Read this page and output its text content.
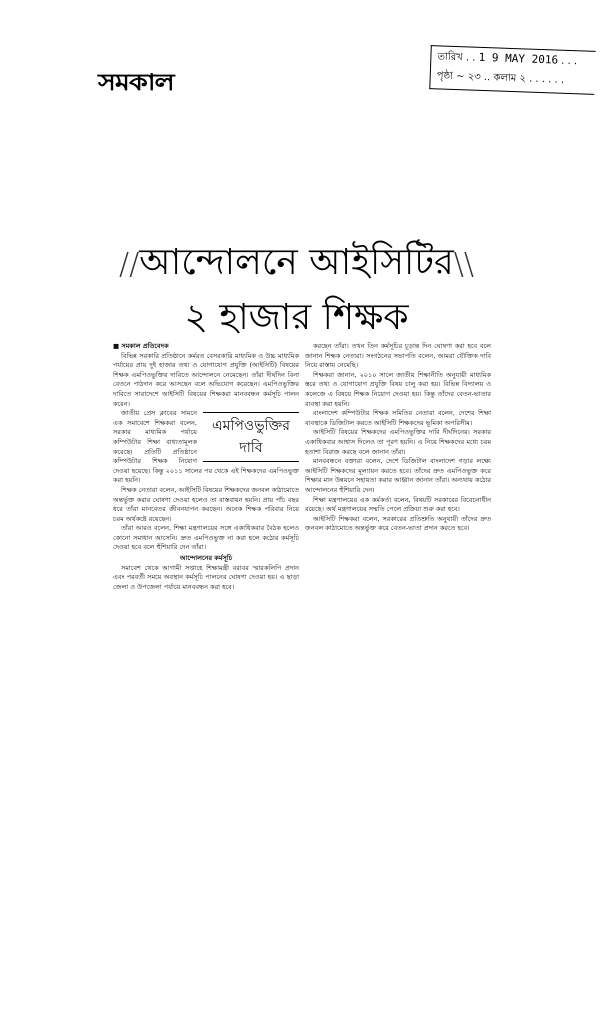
সমকাল
তারিখ . . 1 9 MAY 2016 . . .
পৃষ্ঠা ~ ২৩ .. কলাম ২ . . . . . .
//আন্দোলনে আইসিটির\\
২ হাজার শিক্ষক

■ সমকাল প্রতিবেদক

বিভিন্ন সরকারি প্রতিষ্ঠানে কর্মরত বেসরকারি মাধ্যমিক ও উচ্চ মাধ্যমিক পর্যায়ের প্রায় দুই হাজার তথ্য ও যোগাযোগ প্রযুক্তি (আইসিটি) বিষয়ের শিক্ষক এমপিওভুক্তির দাবিতে আন্দোলনে নেমেছেন। তাঁরা দীর্ঘদিন বিনা বেতনে পাঠদান করে আসছেন বলে অভিযোগ করেছেন। এমপিওভুক্তির দাবিতে সারাদেশে আইসিটি বিষয়ের শিক্ষকরা মানববন্ধন কর্মসূচি পালন করেন।

এমপিওভুক্তির
দাবি

জাতীয় প্রেস ক্লাবের সামনে এক সমাবেশে শিক্ষকরা বলেন, সরকার মাধ্যমিক পর্যায়ে কম্পিউটার শিক্ষা বাধ্যতামূলক করেছে। প্রতিটি প্রতিষ্ঠানে কম্পিউটার শিক্ষক নিয়োগ দেওয়া হয়েছে। কিন্তু ২০১১ সালের পর থেকে এই শিক্ষকদের এমপিওভুক্ত করা হয়নি।

শিক্ষক নেতারা বলেন, আইসিটি বিষয়ের শিক্ষকদের জনবল কাঠামোতে অন্তর্ভুক্ত করার ঘোষণা দেওয়া হলেও তা বাস্তবায়ন হয়নি। প্রায় পাঁচ বছর ধরে তাঁরা মানবেতর জীবনযাপন করছেন। অনেক শিক্ষক পরিবার নিয়ে চরম অর্থকষ্টে রয়েছেন।

তাঁরা আরও বলেন, শিক্ষা মন্ত্রণালয়ের সঙ্গে একাধিকবার বৈঠক হলেও কোনো সমাধান আসেনি। দ্রুত এমপিওভুক্ত না করা হলে কঠোর কর্মসূচি দেওয়া হবে বলে হুঁশিয়ারি দেন তাঁরা।

আন্দোলনের কর্মসূচি

সমাবেশ থেকে আগামী সপ্তাহে শিক্ষামন্ত্রী বরাবর স্মারকলিপি প্রদান এবং পরবর্তী সময়ে অবস্থান কর্মসূচি পালনের ঘোষণা দেওয়া হয়। এ ছাড়া জেলা ও উপজেলা পর্যায়ে মানববন্ধন করা হবে।

করছেন তাঁরা। তখন তিন কর্মসূচির চূড়ান্ত দিন ঘোষণা করা হবে বলে জানান শিক্ষক নেতারা। সংগঠনের সভাপতি বলেন, আমরা যৌক্তিক দাবি নিয়ে রাস্তায় নেমেছি।

শিক্ষকরা জানান, ২০১০ সালে জাতীয় শিক্ষানীতি অনুযায়ী মাধ্যমিক স্তরে তথ্য ও যোগাযোগ প্রযুক্তি বিষয় চালু করা হয়। বিভিন্ন বিদ্যালয় ও কলেজে এ বিষয়ে শিক্ষক নিয়োগ দেওয়া হয়। কিন্তু তাঁদের বেতন-ভাতার ব্যবস্থা করা হয়নি।

বাংলাদেশ কম্পিউটার শিক্ষক সমিতির নেতারা বলেন, দেশের শিক্ষা ব্যবস্থাকে ডিজিটাল করতে আইসিটি শিক্ষকদের ভূমিকা অপরিসীম।

আইসিটি বিষয়ের শিক্ষকদের এমপিওভুক্তির দাবি দীর্ঘদিনের। সরকার একাধিকবার আশ্বাস দিলেও তা পূরণ হয়নি। এ নিয়ে শিক্ষকদের মধ্যে চরম হতাশা বিরাজ করছে বলে জানান তাঁরা।

মানববন্ধনে বক্তারা বলেন, দেশে ডিজিটাল বাংলাদেশ গড়ার লক্ষ্যে আইসিটি শিক্ষকদের মূল্যায়ন করতে হবে। তাঁদের দ্রুত এমপিওভুক্ত করে শিক্ষার মান উন্নয়নে সহায়তা করার আহ্বান জানান তাঁরা। অন্যথায় কঠোর আন্দোলনের হুঁশিয়ারি দেন।

শিক্ষা মন্ত্রণালয়ের এক কর্মকর্তা বলেন, বিষয়টি সরকারের বিবেচনাধীন রয়েছে। অর্থ মন্ত্রণালয়ের সম্মতি পেলে প্রক্রিয়া শুরু করা হবে।

আইসিটি শিক্ষকরা বলেন, সরকারের প্রতিশ্রুতি অনুযায়ী তাঁদের দ্রুত জনবল কাঠামোতে অন্তর্ভুক্ত করে বেতন-ভাতা প্রদান করতে হবে।
